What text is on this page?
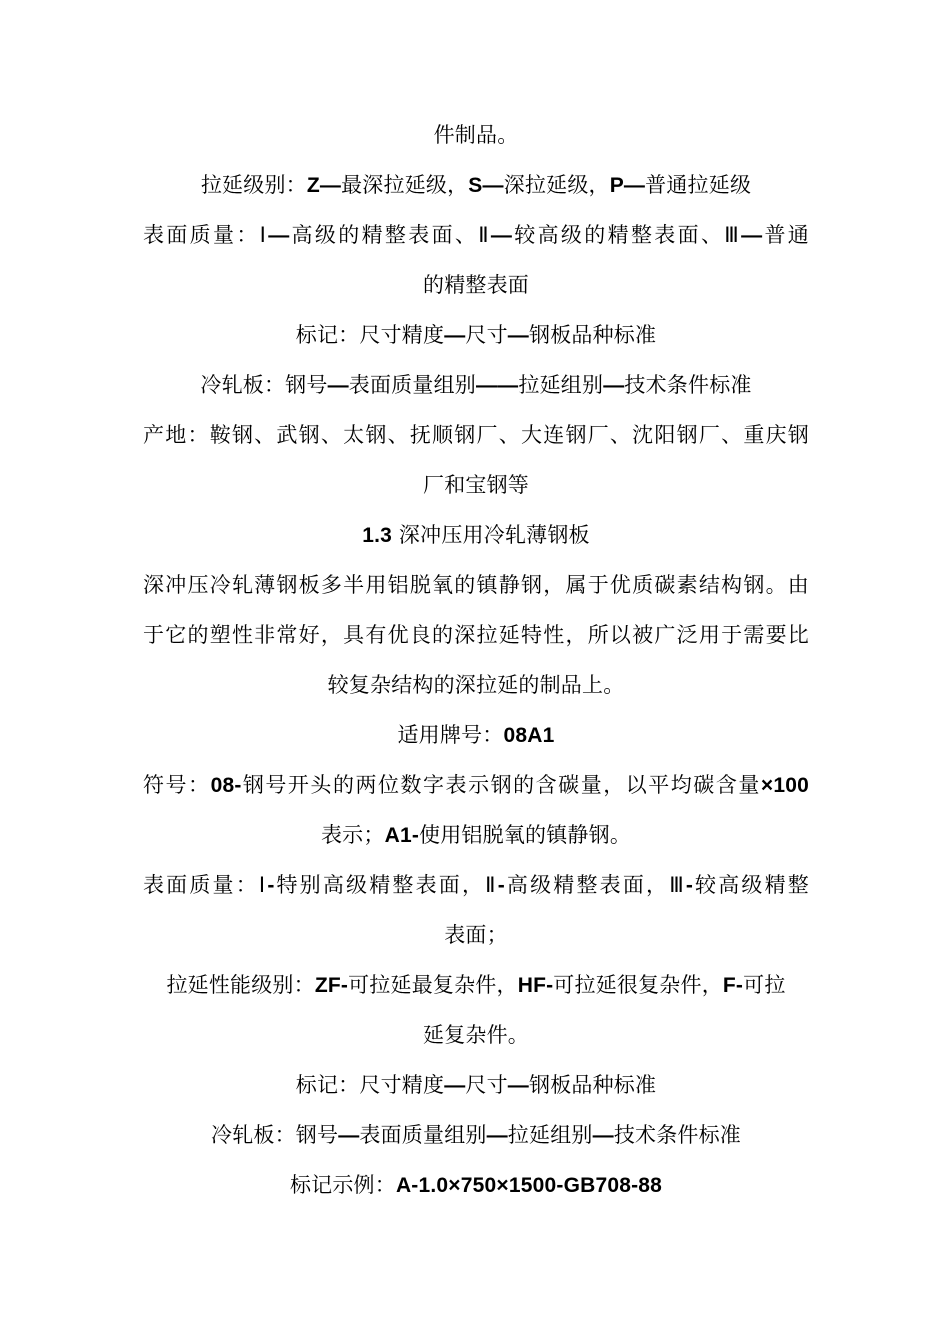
件制品。
拉延级别：Z—最深拉延级，S—深拉延级，P—普通拉延级
表面质量：Ⅰ—高级的精整表面、Ⅱ—较高级的精整表面、Ⅲ—普通
的精整表面
标记：尺寸精度—尺寸—钢板品种标准
冷轧板：钢号—表面质量组别——拉延组别—技术条件标准
产地：鞍钢、武钢、太钢、抚顺钢厂、大连钢厂、沈阳钢厂、重庆钢
厂和宝钢等
1.3 深冲压用冷轧薄钢板
深冲压冷轧薄钢板多半用铝脱氧的镇静钢，属于优质碳素结构钢。由
于它的塑性非常好，具有优良的深拉延特性，所以被广泛用于需要比
较复杂结构的深拉延的制品上。
适用牌号：08A1
符号：08-钢号开头的两位数字表示钢的含碳量，以平均碳含量×100
表示；A1-使用铝脱氧的镇静钢。
表面质量：Ⅰ-特别高级精整表面，Ⅱ-高级精整表面，Ⅲ-较高级精整
表面；
拉延性能级别：ZF-可拉延最复杂件，HF-可拉延很复杂件，F-可拉
延复杂件。
标记：尺寸精度—尺寸—钢板品种标准
冷轧板：钢号—表面质量组别—拉延组别—技术条件标准
标记示例：A-1.0×750×1500-GB708-88
